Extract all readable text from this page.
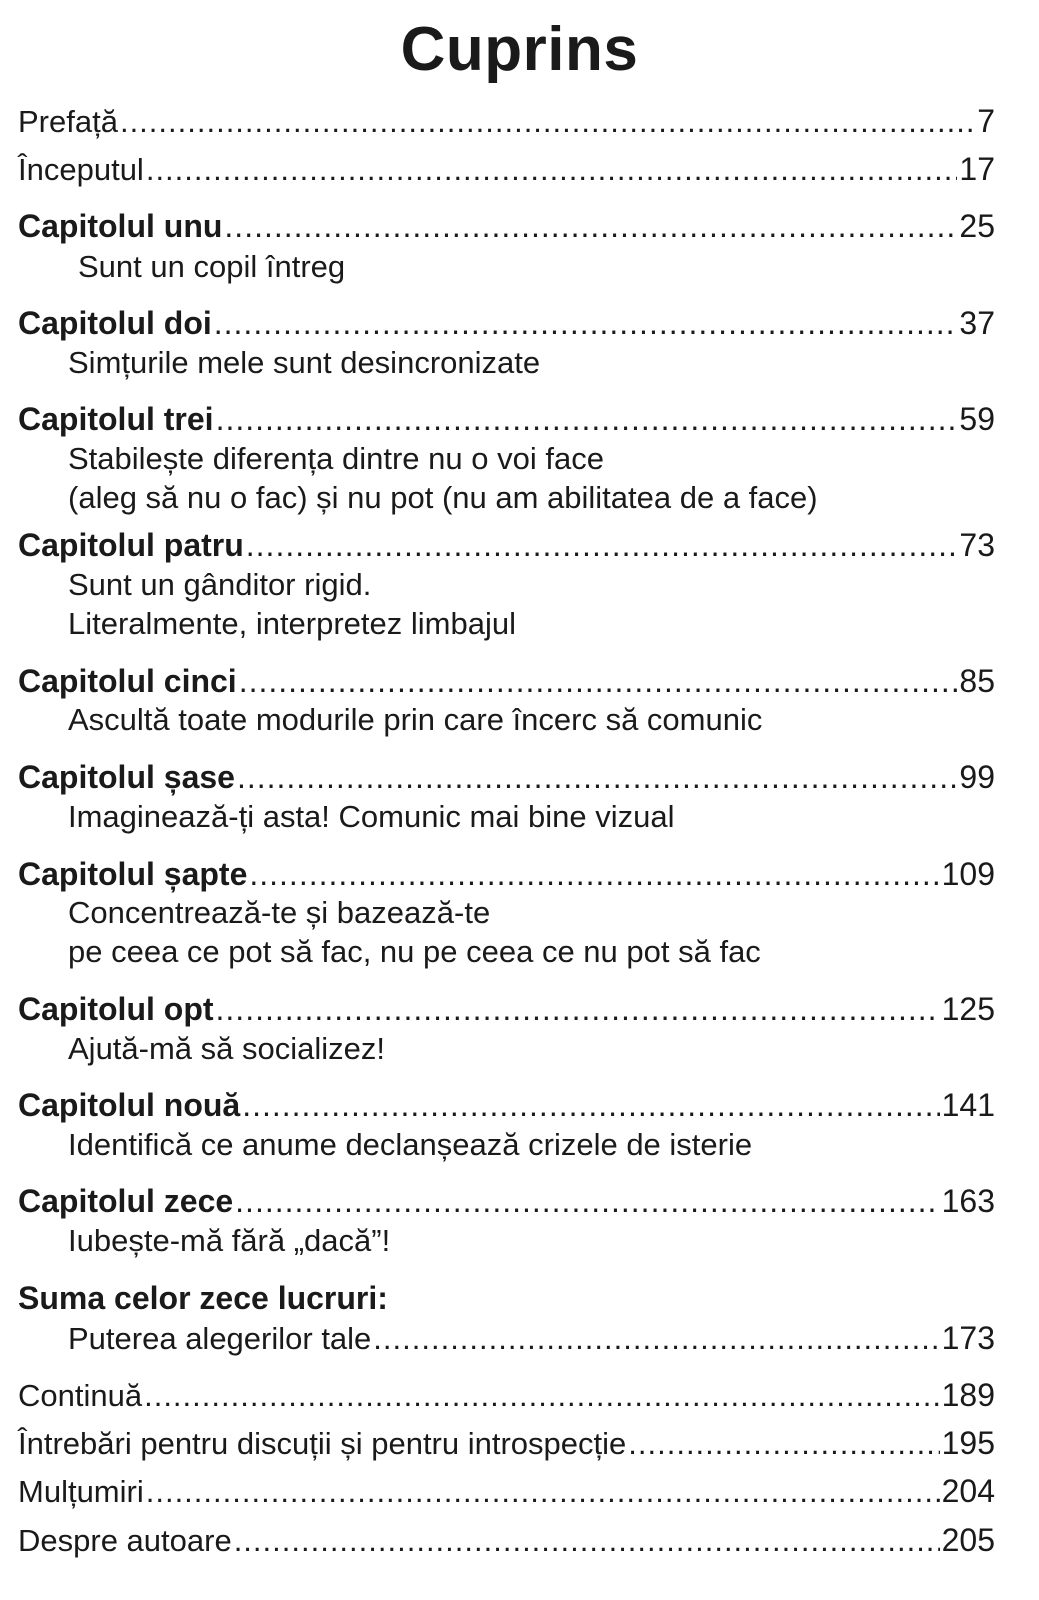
Cuprins
Prefață .....	7
Începutul .....	17
Capitolul unu .....	25
Sunt un copil întreg
Capitolul doi .....	37
Simțurile mele sunt desincronizate
Capitolul trei .....	59
Stabilește diferența dintre nu o voi face
(aleg să nu o fac) și nu pot (nu am abilitatea de a face)
Capitolul patru .....	73
Sunt un gânditor rigid.
Literalmente, interpretez limbajul
Capitolul cinci .....	85
Ascultă toate modurile prin care încerc să comunic
Capitolul șase .....	99
Imaginează-ți asta! Comunic mai bine vizual
Capitolul șapte .....	109
Concentrează-te și bazează-te
pe ceea ce pot să fac, nu pe ceea ce nu pot să fac
Capitolul opt .....	125
Ajută-mă să socializez!
Capitolul nouă .....	141
Identifică ce anume declanșează crizele de isterie
Capitolul zece .....	163
Iubește-mă fără „dacă”!
Suma celor zece lucruri:
Puterea alegerilor tale .....	173
Continuă .....	189
Întrebări pentru discuții și pentru introspecție .....	195
Mulțumiri .....	204
Despre autoare .....	205
